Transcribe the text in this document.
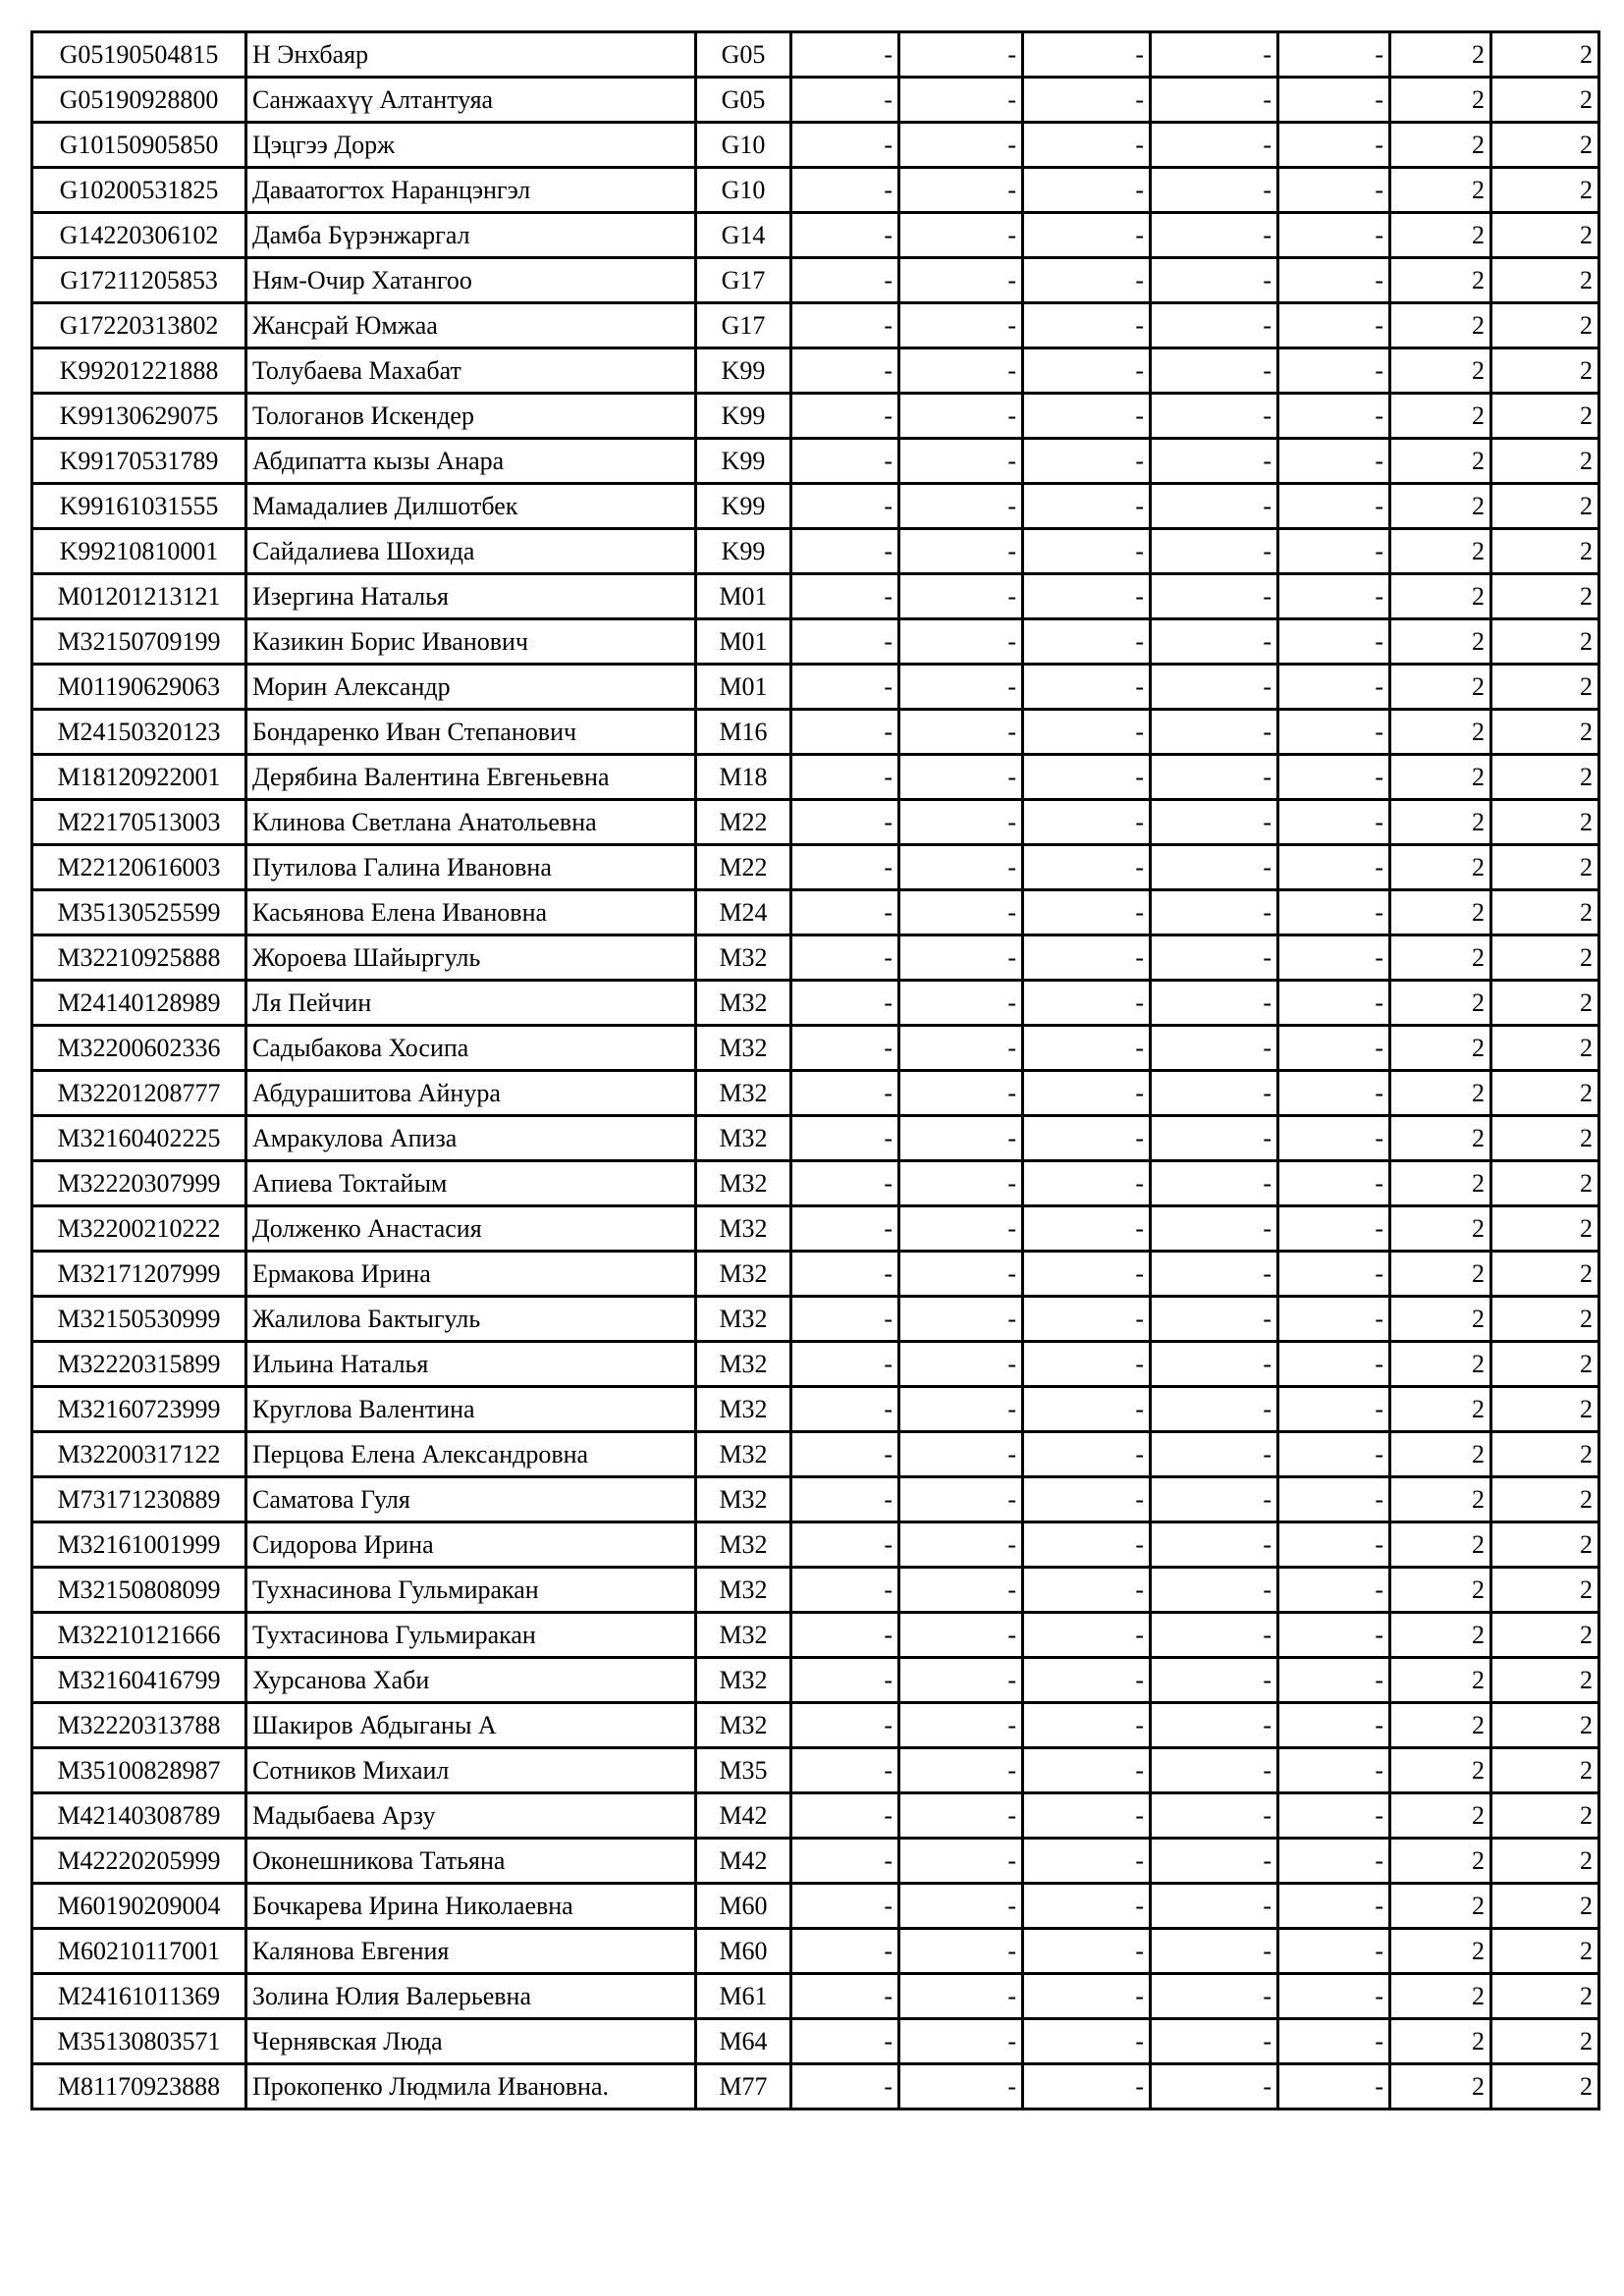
G05190504815	Н Энхбаяр	G05	-	-	-	-	-	2	2
G05190928800	Санжаахүү Алтантуяа	G05	-	-	-	-	-	2	2
G10150905850	Цэцгээ Дорж	G10	-	-	-	-	-	2	2
G10200531825	Даваатогтох Наранцэнгэл	G10	-	-	-	-	-	2	2
G14220306102	Дамба Бүрэнжаргал	G14	-	-	-	-	-	2	2
G17211205853	Ням-Очир Хатангоо	G17	-	-	-	-	-	2	2
G17220313802	Жансрай Юмжаа	G17	-	-	-	-	-	2	2
K99201221888	Толубаева Махабат	K99	-	-	-	-	-	2	2
K99130629075	Тологанов Искендер	K99	-	-	-	-	-	2	2
K99170531789	Абдипатта кызы Анара	K99	-	-	-	-	-	2	2
K99161031555	Мамадалиев Дилшотбек	K99	-	-	-	-	-	2	2
K99210810001	Сайдалиева Шохида	K99	-	-	-	-	-	2	2
M01201213121	Изергина Наталья	M01	-	-	-	-	-	2	2
M32150709199	Казикин Борис Иванович	M01	-	-	-	-	-	2	2
M01190629063	Морин Александр	M01	-	-	-	-	-	2	2
M24150320123	Бондаренко Иван Степанович	M16	-	-	-	-	-	2	2
M18120922001	Дерябина Валентина Евгеньевна	M18	-	-	-	-	-	2	2
M22170513003	Клинова Светлана Анатольевна	M22	-	-	-	-	-	2	2
M22120616003	Путилова Галина Ивановна	M22	-	-	-	-	-	2	2
M35130525599	Касьянова Елена Ивановна	M24	-	-	-	-	-	2	2
M32210925888	Жороева Шайыргуль	M32	-	-	-	-	-	2	2
M24140128989	Ля Пейчин	M32	-	-	-	-	-	2	2
M32200602336	Садыбакова Хосипа	M32	-	-	-	-	-	2	2
M32201208777	Абдурашитова Айнура	M32	-	-	-	-	-	2	2
M32160402225	Амракулова Апиза	M32	-	-	-	-	-	2	2
M32220307999	Апиева Токтайым	M32	-	-	-	-	-	2	2
M32200210222	Долженко Анастасия	M32	-	-	-	-	-	2	2
M32171207999	Ермакова Ирина	M32	-	-	-	-	-	2	2
M32150530999	Жалилова Бактыгуль	M32	-	-	-	-	-	2	2
M32220315899	Ильина Наталья	M32	-	-	-	-	-	2	2
M32160723999	Круглова Валентина	M32	-	-	-	-	-	2	2
M32200317122	Перцова Елена Александровна	M32	-	-	-	-	-	2	2
M73171230889	Саматова Гуля	M32	-	-	-	-	-	2	2
M32161001999	Сидорова Ирина	M32	-	-	-	-	-	2	2
M32150808099	Тухнасинова Гульмиракан	M32	-	-	-	-	-	2	2
M32210121666	Тухтасинова Гульмиракан	M32	-	-	-	-	-	2	2
M32160416799	Хурсанова Хаби	M32	-	-	-	-	-	2	2
M32220313788	Шакиров Абдыганы А	M32	-	-	-	-	-	2	2
M35100828987	Сотников Михаил	M35	-	-	-	-	-	2	2
M42140308789	Мадыбаева Арзу	M42	-	-	-	-	-	2	2
M42220205999	Оконешникова Татьяна	M42	-	-	-	-	-	2	2
M60190209004	Бочкарева Ирина Николаевна	M60	-	-	-	-	-	2	2
M60210117001	Калянова Евгения	M60	-	-	-	-	-	2	2
M24161011369	Золина Юлия Валерьевна	M61	-	-	-	-	-	2	2
M35130803571	Чернявская Люда	M64	-	-	-	-	-	2	2
M81170923888	Прокопенко Людмила Ивановна.	M77	-	-	-	-	-	2	2
